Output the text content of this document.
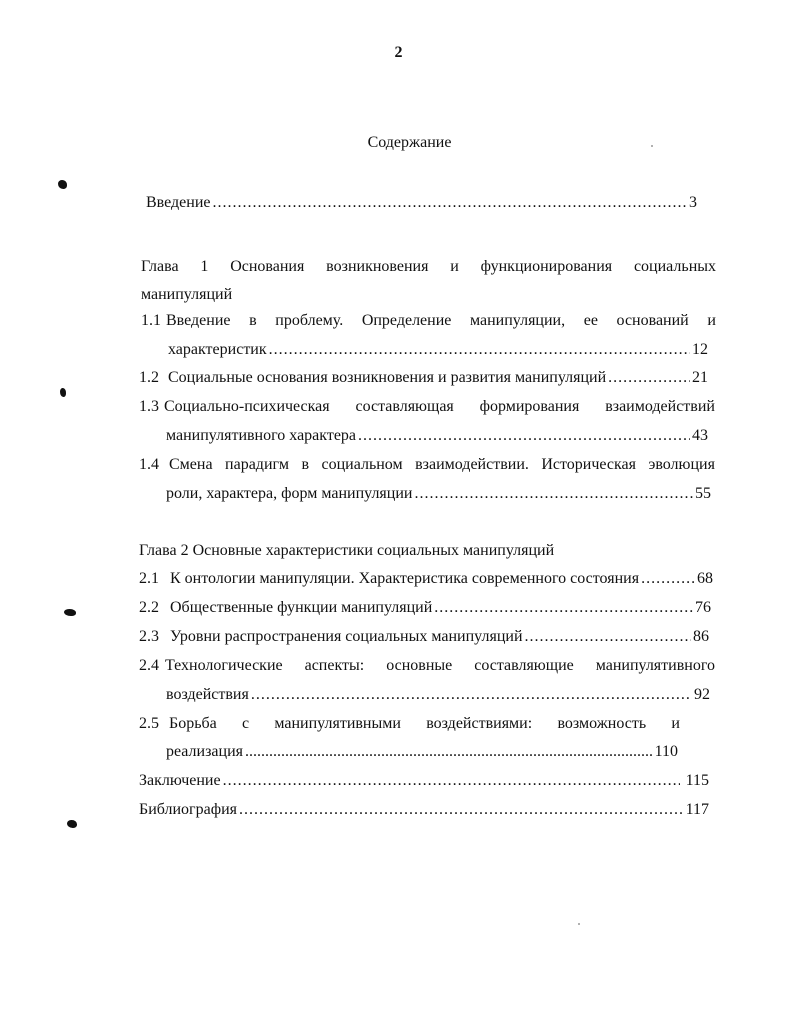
2
Содержание
Введение .....	3
Глава 1 Основания возникновения и функционирования социальных
манипуляций
1.1 Введение в проблему. Определение манипуляции, ее оснований и
характеристик .....	12
1.2 Социальные основания возникновения и развития манипуляций .....	21
1.3 Социально-психическая составляющая формирования взаимодействий
манипулятивного характера .....	43
1.4 Смена парадигм в социальном взаимодействии. Историческая эволюция
роли, характера, форм манипуляции .....	55
Глава 2 Основные характеристики социальных манипуляций
2.1 К онтологии манипуляции. Характеристика современного состояния .....	68
2.2 Общественные функции манипуляций .....	76
2.3 Уровни распространения социальных манипуляций .....	86
2.4 Технологические аспекты: основные составляющие манипулятивного
воздействия .....	92
2.5 Борьба с манипулятивными воздействиями: возможность и
реализация .....	110
Заключение .....	115
Библиография .....	117
